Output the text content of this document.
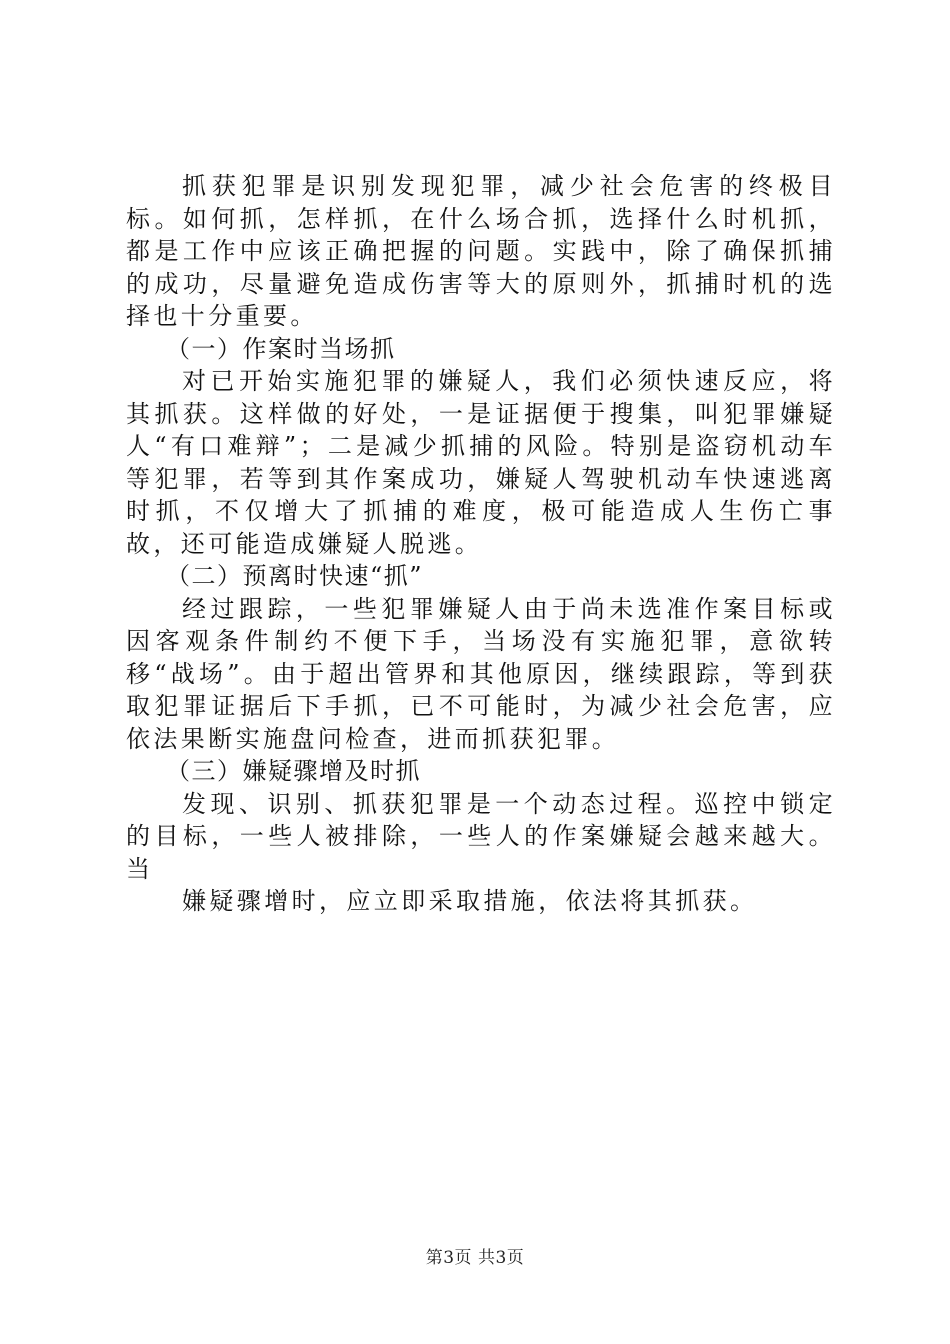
抓获犯罪是识别发现犯罪，减少社会危害的终极目标。如何抓，怎样抓，在什么场合抓，选择什么时机抓，都是工作中应该正确把握的问题。实践中，除了确保抓捕的成功，尽量避免造成伤害等大的原则外，抓捕时机的选择也十分重要。

（一）作案时当场抓

对已开始实施犯罪的嫌疑人，我们必须快速反应，将其抓获。这样做的好处，一是证据便于搜集，叫犯罪嫌疑人“有口难辩”；二是减少抓捕的风险。特别是盗窃机动车等犯罪，若等到其作案成功，嫌疑人驾驶机动车快速逃离时抓，不仅增大了抓捕的难度，极可能造成人生伤亡事故，还可能造成嫌疑人脱逃。

（二）预离时快速“抓”

经过跟踪，一些犯罪嫌疑人由于尚未选准作案目标或因客观条件制约不便下手，当场没有实施犯罪，意欲转移“战场”。由于超出管界和其他原因，继续跟踪，等到获取犯罪证据后下手抓，已不可能时，为减少社会危害，应依法果断实施盘问检查，进而抓获犯罪。

（三）嫌疑骤增及时抓

发现、识别、抓获犯罪是一个动态过程。巡控中锁定的目标，一些人被排除，一些人的作案嫌疑会越来越大。当

嫌疑骤增时，应立即采取措施，依法将其抓获。

第3页 共3页
